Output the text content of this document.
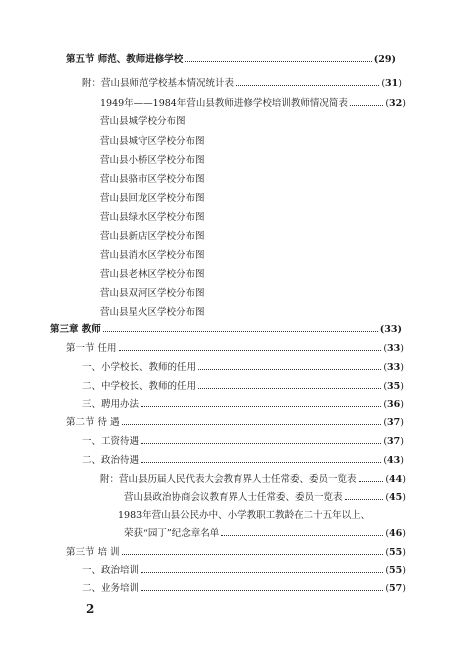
第五节 师范、教师进修学校	(29)
附：营山县师范学校基本情况统计表	(31)
1949年——1984年营山县教师进修学校培训教师情况简表	(32)
营山县城学校分布图
营山县城守区学校分布图
营山县小桥区学校分布图
营山县骆市区学校分布图
营山县回龙区学校分布图
营山县绿水区学校分布图
营山县新店区学校分布图
营山县消水区学校分布图
营山县老林区学校分布图
营山县双河区学校分布图
营山县星火区学校分布图
第三章 教师	(33)
第一节 任用	(33)
一、小学校长、教师的任用	(33)
二、中学校长、教师的任用	(35)
三、聘用办法	(36)
第二节 待 遇	(37)
一、工资待遇	(37)
二、政治待遇	(43)
附：营山县历届人民代表大会教育界人士任常委、委员一览表	(44)
营山县政治协商会议教育界人士任常委、委员一览表	(45)
1983年营山县公民办中、小学教职工教龄在二十五年以上、
荣获“园丁”纪念章名单	(46)
第三节 培 训	(55)
一、政治培训	(55)
二、业务培训	(57)
2
